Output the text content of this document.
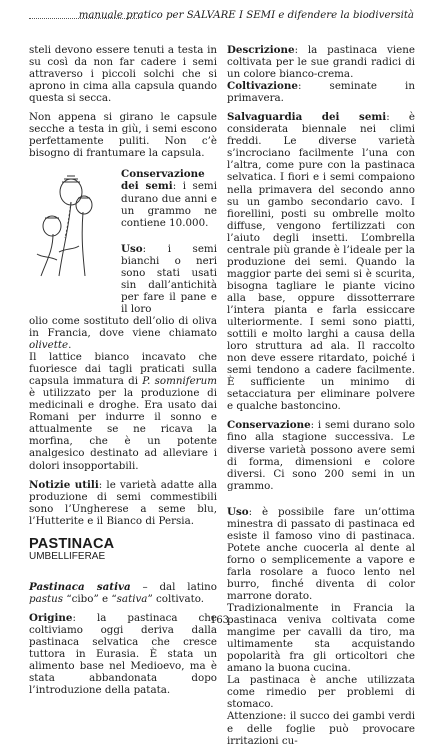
manuale pratico per SALVARE I SEMI e difendere la biodiversità

steli devono essere tenuti a testa in su così da non far cadere i semi attraverso i piccoli solchi che si aprono in cima alla capsula quando questa si secca.

Non appena si girano le capsule secche a testa in giù, i semi escono perfettamente puliti. Non c’è bisogno di frantumare la capsula.

Conservazione dei semi: i semi durano due anni e un grammo ne contiene 10.000.
Uso: i semi bianchi o neri sono stati usati sin dall’antichità per fare il pane e il loro

olio come sostituto dell’olio di oliva in Francia, dove viene chiamato olivette.

Il lattice bianco incavato che fuoriesce dai tagli praticati sulla capsula immatura di P. somniferum è utilizzato per la produzione di medicinali e droghe. Era usato dai Romani per indurre il sonno e attualmente se ne ricava la morfina, che è un potente analgesico destinato ad alleviare i dolori insopportabili.

Notizie utili: le varietà adatte alla produzione di semi commestibili sono l’Ungherese a seme blu, l’Hutterite e il Bianco di Persia.

PASTINACA
UMBELLIFERAE

Pastinaca sativa – dal latino pastus “cibo” e “sativa” coltivato.

Origine: la pastinaca che coltiviamo oggi deriva dalla pastinaca selvatica che cresce tuttora in Eurasia. È stata un alimento base nel Medioevo, ma è stata abbandonata dopo l’introduzione della patata.

Descrizione: la pastinaca viene coltivata per le sue grandi radici di un colore bianco-crema.

Coltivazione: seminate in primavera.

Salvaguardia dei semi: è considerata biennale nei climi freddi. Le diverse varietà s’incrociano facilmente l’una con l’altra, come pure con la pastinaca selvatica. I fiori e i semi compaiono nella primavera del secondo anno su un gambo secondario cavo. I fiorellini, posti su ombrelle molto diffuse, vengono fertilizzati con l’aiuto degli insetti. L’ombrella centrale più grande è l’ideale per la produzione dei semi. Quando la maggior parte dei semi si è scurita, bisogna tagliare le piante vicino alla base, oppure dissotterrare l’intera pianta e farla essiccare ulteriormente. I semi sono piatti, sottili e molto larghi a causa della loro struttura ad ala. Il raccolto non deve essere ritardato, poiché i semi tendono a cadere facilmente. È sufficiente un minimo di setacciatura per eliminare polvere e qualche bastoncino.

Conservazione: i semi durano solo fino alla stagione successiva. Le diverse varietà possono avere semi di forma, dimensioni e colore diversi. Ci sono 200 semi in un grammo.

Uso: è possibile fare un’ottima minestra di passato di pastinaca ed esiste il famoso vino di pastinaca. Potete anche cuocerla al dente al forno o semplicemente a vapore e farla rosolare a fuoco lento nel burro, finché diventa di color marrone dorato.

Tradizionalmente in Francia la pastinaca veniva coltivata come mangime per cavalli da tiro, ma ultimamente sta acquistando popolarità fra gli orticoltori che amano la buona cucina.

La pastinaca è anche utilizzata come rimedio per problemi di stomaco.

Attenzione: il succo dei gambi verdi e delle foglie può provocare irritazioni cu-

163
